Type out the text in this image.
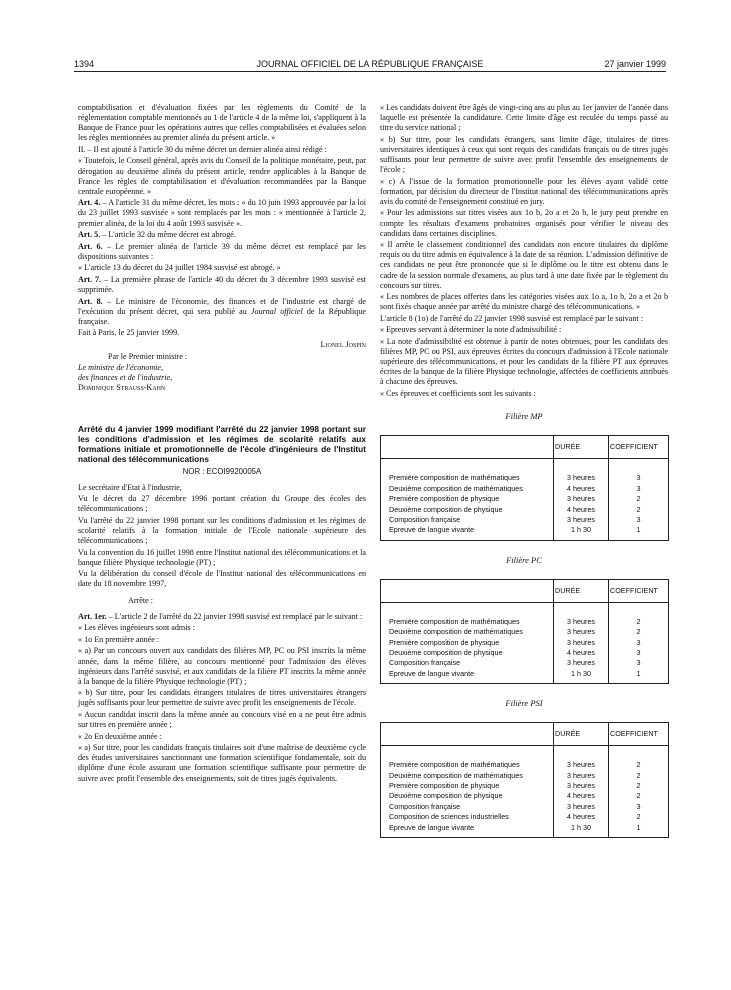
1394	JOURNAL OFFICIEL DE LA RÉPUBLIQUE FRANÇAISE	27 janvier 1999

comptabilisation et d'évaluation fixées par les règlements du Comité de la réglementation comptable mentionnés au 1 de l'article 4 de la même loi, s'appliquent à la Banque de France pour les opérations autres que celles comptabilisées et évaluées selon les règles mentionnées au premier alinéa du présent article. »

II. – Il est ajouté à l'article 30 du même décret un dernier alinéa ainsi rédigé :

« Toutefois, le Conseil général, après avis du Conseil de la politique monétaire, peut, par dérogation au deuxième alinéa du présent article, rendre applicables à la Banque de France les règles de comptabilisation et d'évaluation recommandées par la Banque centrale européenne. »

Art. 4. – A l'article 31 du même décret, les mots : « du 10 juin 1993 approuvée par la loi du 23 juillet 1993 susvisée » sont remplacés par les mots : « mentionnée à l'article 2, premier alinéa, de la loi du 4 août 1993 susvisée ».

Art. 5. – L'article 32 du même décret est abrogé.

Art. 6. – Le premier alinéa de l'article 39 du même décret est remplacé par les dispositions suivantes :

« L'article 13 du décret du 24 juillet 1984 susvisé est abrogé. »

Art. 7. – La première phrase de l'article 40 du décret du 3 décembre 1993 susvisé est supprimée.

Art. 8. – Le ministre de l'économie, des finances et de l'industrie est chargé de l'exécution du présent décret, qui sera publié au Journal officiel de la République française.

Fait à Paris, le 25 janvier 1999.

Lionel Jospin

Par le Premier ministre :

Le ministre de l'économie,

des finances et de l'industrie,

Dominique Strauss-Kahn

Arrêté du 4 janvier 1999 modifiant l'arrêté du 22 janvier 1998 portant sur les conditions d'admission et les régimes de scolarité relatifs aux formations initiale et promotionnelle de l'école d'ingénieurs de l'Institut national des télécommunications
NOR : ECOI9920005A

Le secrétaire d'Etat à l'industrie,

Vu le décret du 27 décembre 1996 portant création du Groupe des écoles des télécommunications ;

Vu l'arrêté du 22 janvier 1998 portant sur les conditions d'admission et les régimes de scolarité relatifs à la formation initiale de l'Ecole nationale supérieure des télécommunications ;

Vu la convention du 16 juillet 1998 entre l'Institut national des télécommunications et la banque filière Physique technologie (PT) ;

Vu la délibération du conseil d'école de l'Institut national des télécommunications en date du 18 novembre 1997,

Arrête :

Art. 1er. – L'article 2 de l'arrêté du 22 janvier 1998 susvisé est remplacé par le suivant :

« Les élèves ingénieurs sont admis :

« 1o En première année :

« a) Par un concours ouvert aux candidats des filières MP, PC ou PSI inscrits la même année, dans la même filière, au concours mentionné pour l'admission des élèves ingénieurs dans l'arrêté susvisé, et aux candidats de la filière PT inscrits la même année à la banque de la filière Physique technologie (PT) ;

« b) Sur titre, pour les candidats étrangers titulaires de titres universitaires étrangers jugés suffisants pour leur permettre de suivre avec profit les enseignements de l'école.

« Aucun candidat inscrit dans la même année au concours visé en a ne peut être admis sur titres en première année ;

« 2o En deuxième année :

« a) Sur titre, pour les candidats français titulaires soit d'une maîtrise de deuxième cycle des études universitaires sanctionnant une formation scientifique fondamentale, soit du diplôme d'une école assurant une formation scientifique suffisante pour permettre de suivre avec profit l'ensemble des enseignements, soit de titres jugés équivalents.

« Les candidats doivent être âgés de vingt-cinq ans au plus au 1er janvier de l'année dans laquelle est présentée la candidature. Cette limite d'âge est reculée du temps passé au titre du service national ;

« b) Sur titre, pour les candidats étrangers, sans limite d'âge, titulaires de titres universitaires identiques à ceux qui sont requis des candidats français ou de titres jugés suffisants pour leur permettre de suivre avec profit l'ensemble des enseignements de l'école ;

« c) A l'issue de la formation promotionnelle pour les élèves ayant validé cette formation, par décision du directeur de l'Institut national des télécommunications après avis du comité de l'enseignement constitué en jury.

« Pour les admissions sur titres visées aux 1o b, 2o a et 2o b, le jury peut prendre en compte les résultats d'examens probatoires organisés pour vérifier le niveau des candidats dans certaines disciplines.

« Il arrête le classement conditionnel des candidats non encore titulaires du diplôme requis ou du titre admis en équivalence à la date de sa réunion. L'admission définitive de ces candidats ne peut être prononcée que si le diplôme ou le titre est obtenu dans le cadre de la session normale d'examens, au plus tard à une date fixée par le règlement du concours sur titres.

« Les nombres de places offertes dans les catégories visées aux 1o a, 1o b, 2o a et 2o b sont fixés chaque année par arrêté du ministre chargé des télécommunications. »

L'article 8 (1o) de l'arrêté du 22 janvier 1998 susvisé est remplacé par le suivant :

« Epreuves servant à déterminer la note d'admissibilité :

« La note d'admissibilité est obtenue à partir de notes obtenues, pour les candidats des filières MP, PC ou PSI, aux épreuves écrites du concours d'admission à l'Ecole nationale supérieure des télécommunications, et pour les candidats de la filière PT aux épreuves écrites de la banque de la filière Physique technologie, affectées de coefficients attribués à chacune des épreuves.

« Ces épreuves et coefficients sont les suivants :

Filière MP
	DURÉE	COEFFICIENT

Première composition de mathématiques	3 heures	3
Deuxième composition de mathématiques	4 heures	3
Première composition de physique	3 heures	2
Deuxième composition de physique	4 heures	2
Composition française	3 heures	3
Epreuve de langue vivante	1 h 30	1
Filière PC
	DURÉE	COEFFICIENT

Première composition de mathématiques	3 heures	2
Deuxième composition de mathématiques	3 heures	2
Première composition de physique	3 heures	3
Deuxième composition de physique	4 heures	3
Composition française	3 heures	3
Epreuve de langue vivante	1 h 30	1
Filière PSI
	DURÉE	COEFFICIENT

Première composition de mathématiques	3 heures	2
Deuxième composition de mathématiques	3 heures	2
Première composition de physique	3 heures	2
Deuxième composition de physique	4 heures	2
Composition française	3 heures	3
Composition de sciences industrielles	4 heures	2
Epreuve de langue vivante	1 h 30	1
